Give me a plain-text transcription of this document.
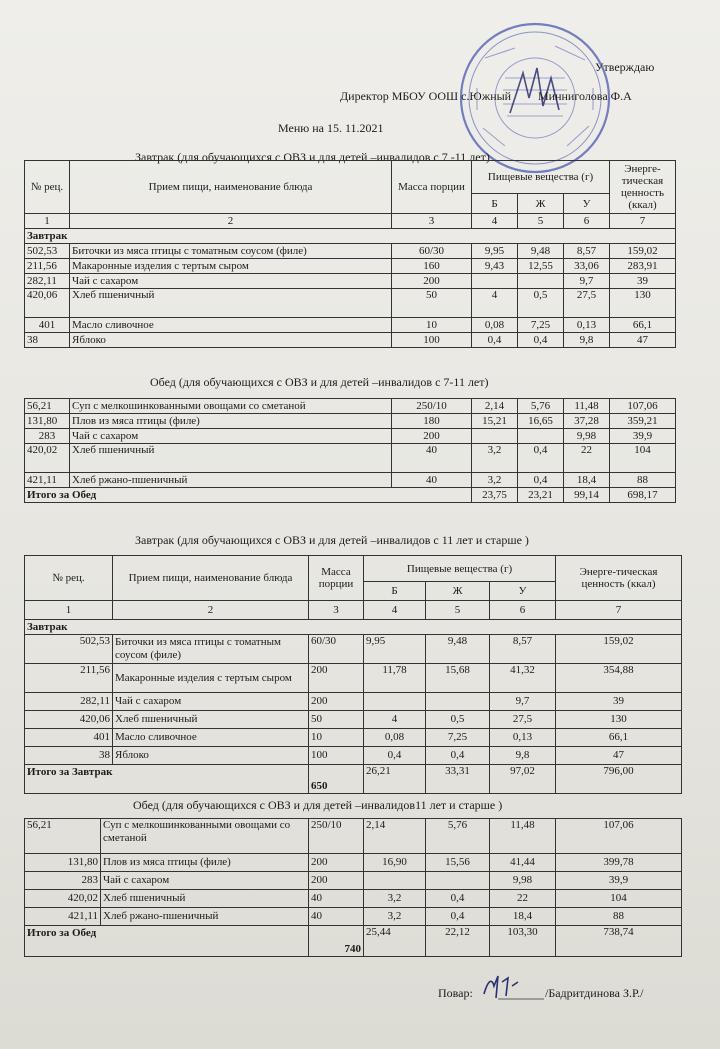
Утверждаю
Директор МБОУ ООШ с.Южный Минниголова Ф.А
Меню на 15. 11.2021
Завтрак (для обучающихся с ОВЗ и для детей –инвалидов с 7 -11 лет)
№ рец.	Прием пищи, наименование блюда	Масса порции	Пищевые вещества (г)			Энерге-тическая ценность (ккал)
			Б	Ж	У	
1	2	3	4	5	6	7
Завтрак						
502,53	Биточки из мяса птицы с томатным соусом (филе)	60/30	9,95	9,48	8,57	159,02
211,56	Макаронные изделия с тертым сыром	160	9,43	12,55	33,06	283,91
282,11	Чай с сахаром	200			9,7	39
420,06	Хлеб пшеничный	50	4	0,5	27,5	130
401	Масло сливочное	10	0,08	7,25	0,13	66,1
38	Яблоко	100	0,4	0,4	9,8	47
Обед (для обучающихся с ОВЗ и для детей –инвалидов с 7-11 лет)
56,21	Суп с мелкошинкованными овощами со сметаной	250/10	2,14	5,76	11,48	107,06
131,80	Плов из мяса птицы (филе)	180	15,21	16,65	37,28	359,21
283	Чай с сахаром	200			9,98	39,9
420,02	Хлеб пшеничный	40	3,2	0,4	22	104
421,11	Хлеб ржано-пшеничный	40	3,2	0,4	18,4	88
Итого за Обед			23,75	23,21	99,14	698,17
Завтрак (для обучающихся с ОВЗ и для детей –инвалидов с 11 лет и старше )
№ рец.	Прием пищи, наименование блюда	Масса порции	Пищевые вещества (г)			Энерге-тическая ценность (ккал)
			Б	Ж	У	
1	2	3	4	5	6	7
Завтрак						
502,53	Биточки из мяса птицы с томатным соусом (филе)	60/30	9,95	9,48	8,57	159,02
211,56	Макаронные изделия с тертым сыром	200	11,78	15,68	41,32	354,88
282,11	Чай с сахаром	200			9,7	39
420,06	Хлеб пшеничный	50	4	0,5	27,5	130
401	Масло сливочное	10	0,08	7,25	0,13	66,1
38	Яблоко	100	0,4	0,4	9,8	47
Итого за Завтрак		650	26,21	33,31	97,02	796,00
Обед (для обучающихся с ОВЗ и для детей –инвалидов11 лет и старше )
56,21	Суп с мелкошинкованными овощами со сметаной	250/10	2,14	5,76	11,48	107,06
131,80	Плов из мяса птицы (филе)	200	16,90	15,56	41,44	399,78
283	Чай с сахаром	200			9,98	39,9
420,02	Хлеб пшеничный	40	3,2	0,4	22	104
421,11	Хлеб ржано-пшеничный	40	3,2	0,4	18,4	88
Итого за Обед		740	25,44	22,12	103,30	738,74
Повар:	/Бадритдинова З.Р./
